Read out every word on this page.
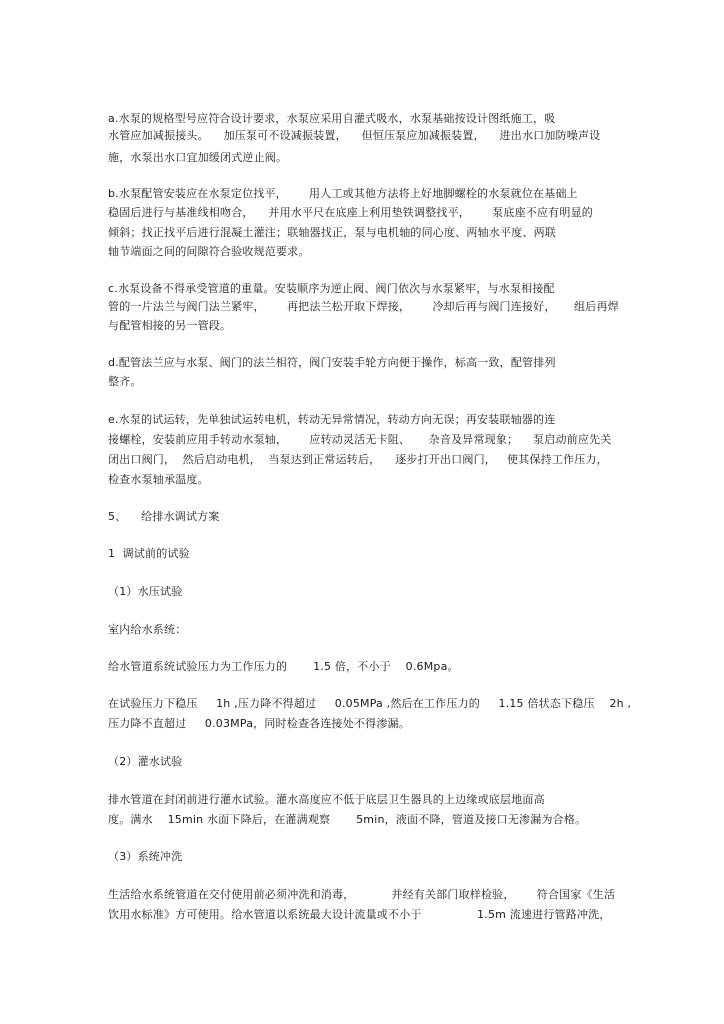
a.水泵的规格型号应符合设计要求，水泵应采用自灌式吸水，水泵基础按设计图纸施工，吸
水管应加减振接头。    加压泵可不设减振装置，    但恒压泵应加减振装置，    进出水口加防噪声设
施，水泵出水口宜加缓闭式逆止阀。
b.水泵配管安装应在水泵定位找平，      用人工或其他方法将上好地脚螺栓的水泵就位在基础上
稳固后进行与基准线相吻合，    并用水平尺在底座上利用垫铁调整找平，      泵底座不应有明显的
倾斜；找正找平后进行混凝土灌注；联轴器找正，泵与电机轴的同心度、两轴水平度、两联
轴节端面之间的间隙符合验收规范要求。
c.水泵设备不得承受管道的重量。安装顺序为逆止阀、阀门依次与水泵紧牢，与水泵相接配
管的一片法兰与阀门法兰紧牢，      再把法兰松开取下焊接，      冷却后再与阀门连接好，     组后再焊
与配管相接的另一管段。
d.配管法兰应与水泵、阀门的法兰相符，阀门安装手轮方向便于操作，标高一致，配管排列
整齐。
e.水泵的试运转，先单独试运转电机，转动无异常情况，转动方向无误；再安装联轴器的连
接螺栓，安装前应用手转动水泵轴，      应转动灵活无卡阻、     杂音及异常现象；    泵启动前应先关
闭出口阀门，  然后启动电机，  当泵达到正常运转后，    逐步打开出口阀门，   使其保持工作压力，
检查水泵轴承温度。
5、    给排水调试方案
1  调试前的试验
（1）水压试验
室内给水系统：
给水管道系统试验压力为工作压力的       1.5 倍，不小于    0.6Mpa。
在试验压力下稳压     1h ,压力降不得超过     0.05MPa ,然后在工作压力的     1.15 倍状态下稳压    2h ,
压力降不直超过     0.03MPa，同时检查各连接处不得渗漏。
（2）灌水试验
排水管道在封闭前进行灌水试验。灌水高度应不低于底层卫生器具的上边缘或底层地面高
度。满水    15min 水面下降后，在灌满观察       5min，液面不降，管道及接口无渗漏为合格。
（3）系统冲洗
生活给水系统管道在交付使用前必须冲洗和消毒，          并经有关部门取样检验，      符合国家《生活
饮用水标准》方可使用。给水管道以系统最大设计流量或不小于               1.5m 流速进行管路冲洗，
